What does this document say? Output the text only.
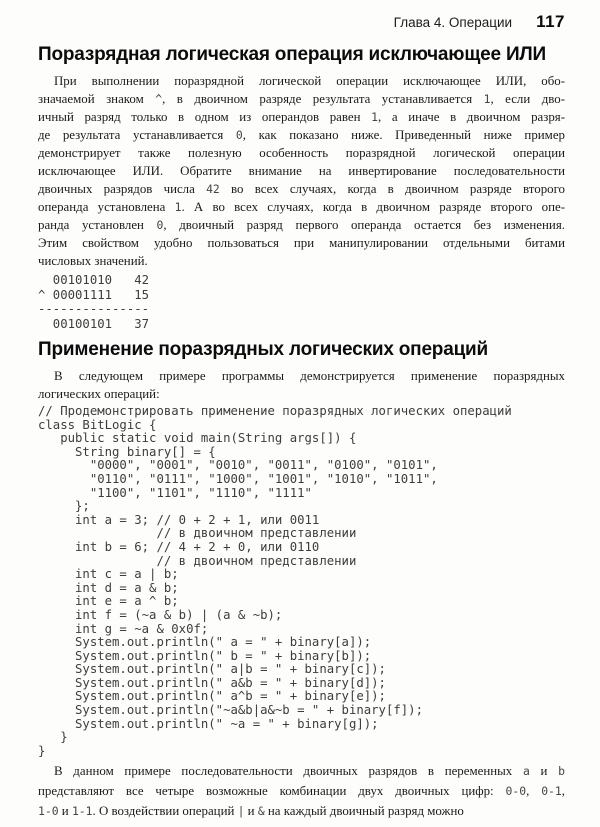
Глава 4. Операции 117
Поразрядная логическая операция исключающее ИЛИ
При выполнении поразрядной логической операции исключающее ИЛИ, обо-
значаемой знаком ^, в двоичном разряде результата устанавливается 1, если дво-
ичный разряд только в одном из операндов равен 1, а иначе в двоичном разря-
де результата устанавливается 0, как показано ниже. Приведенный ниже пример
демонстрирует также полезную особенность поразрядной логической операции
исключающее ИЛИ. Обратите внимание на инвертирование последовательности
двоичных разрядов числа 42 во всех случаях, когда в двоичном разряде второго
операнда установлена 1. А во всех случаях, когда в двоичном разряде второго опе-
ранда установлен 0, двоичный разряд первого операнда остается без изменения.
Этим свойством удобно пользоваться при манипулировании отдельными битами
числовых значений.
00101010   42
^ 00001111   15
---------------
00100101   37
Применение поразрядных логических операций
В следующем примере программы демонстрируется применение поразрядных
логических операций:
// Продемонстрировать применение поразрядных логических операций
class BitLogic {
public static void main(String args[]) {
String binary[] = {
"0000", "0001", "0010", "0011", "0100", "0101",
"0110", "0111", "1000", "1001", "1010", "1011",
"1100", "1101", "1110", "1111"
};
int a = 3; // 0 + 2 + 1, или 0011
// в двоичном представлении
int b = 6; // 4 + 2 + 0, или 0110
// в двоичном представлении
int c = a | b;
int d = a & b;
int e = a ^ b;
int f = (~a & b) | (a & ~b);
int g = ~a & 0x0f;
System.out.println(" a = " + binary[a]);
System.out.println(" b = " + binary[b]);
System.out.println(" a|b = " + binary[c]);
System.out.println(" a&b = " + binary[d]);
System.out.println(" a^b = " + binary[e]);
System.out.println("~a&b|a&~b = " + binary[f]);
System.out.println(" ~a = " + binary[g]);
}
}
В данном примере последовательности двоичных разрядов в переменных a и b
представляют все четыре возможные комбинации двух двоичных цифр: 0-0, 0-1,
1-0 и 1-1. О воздействии операций | и & на каждый двоичный разряд можно
